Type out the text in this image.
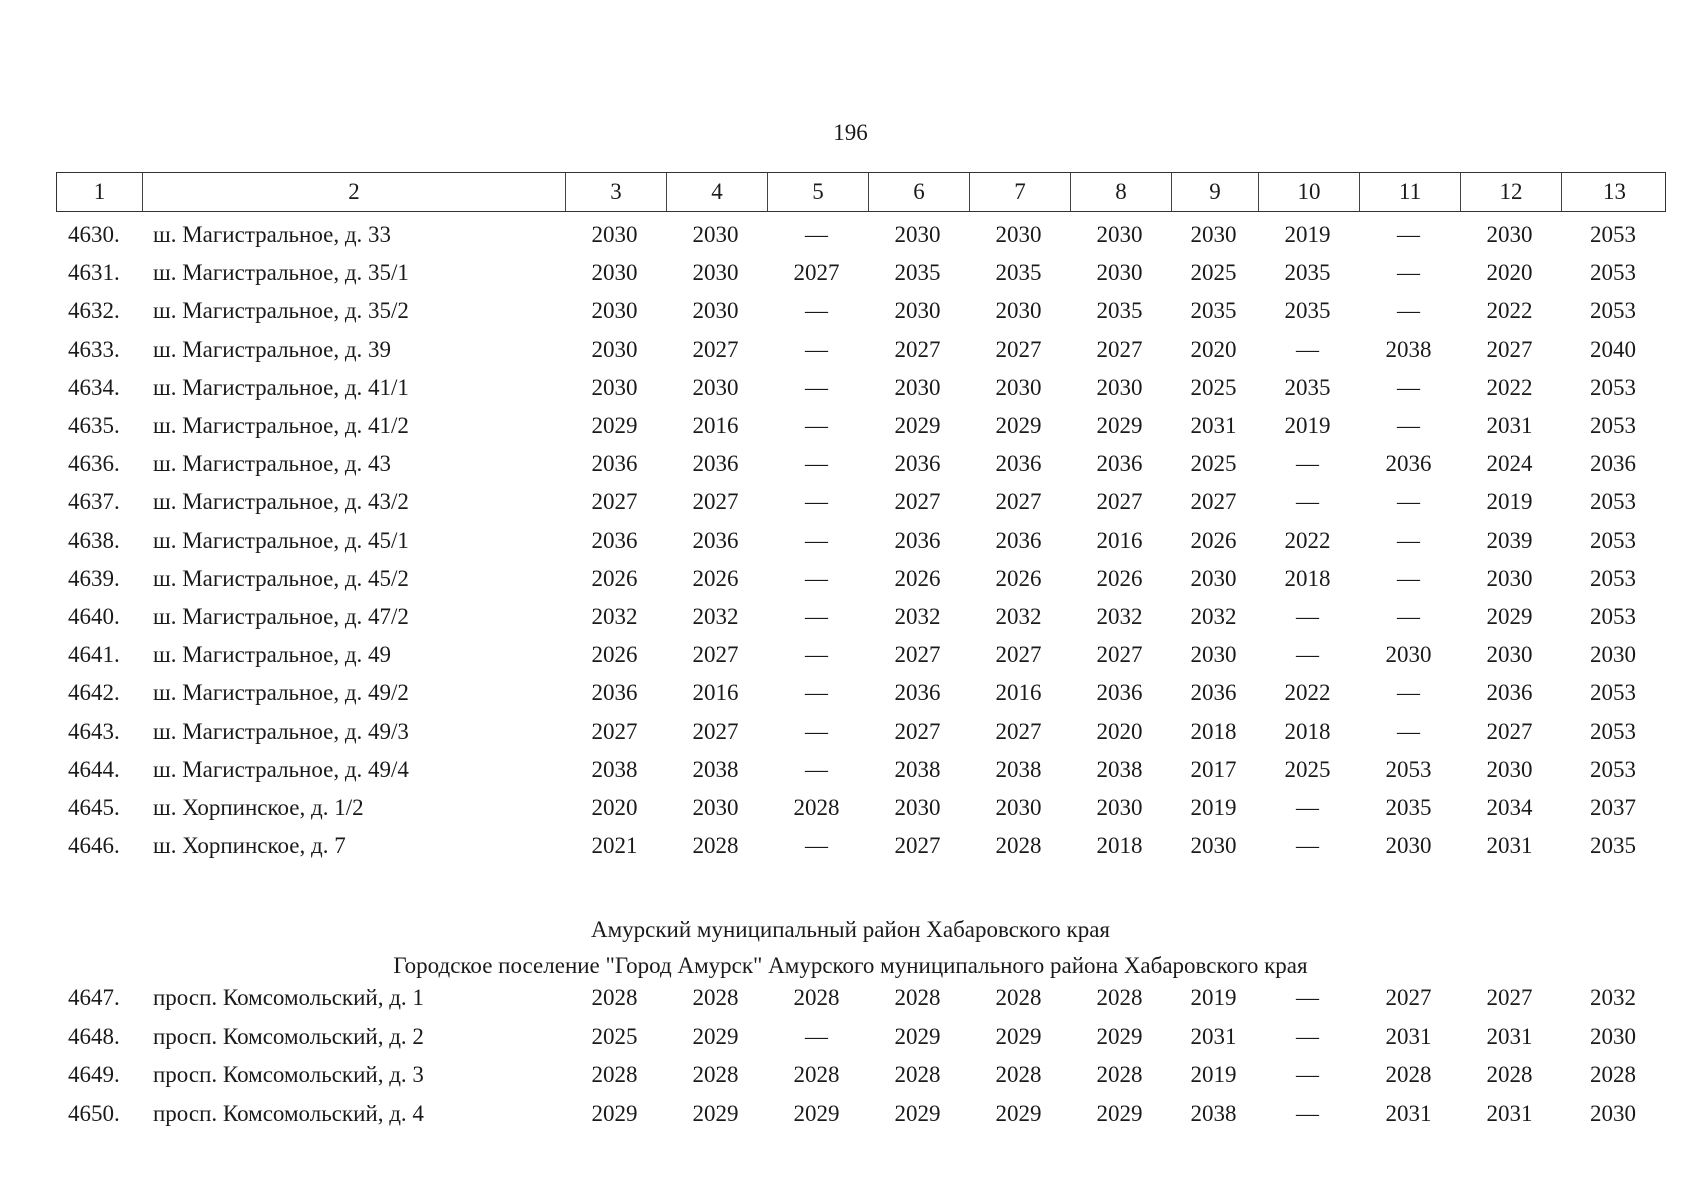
196
1	2	3	4	5	6	7	8	9	10	11	12	13
4630.	ш. Магистральное, д. 33	2030	2030	—	2030	2030	2030	2030	2019	—	2030	2053
4631.	ш. Магистральное, д. 35/1	2030	2030	2027	2035	2035	2030	2025	2035	—	2020	2053
4632.	ш. Магистральное, д. 35/2	2030	2030	—	2030	2030	2035	2035	2035	—	2022	2053
4633.	ш. Магистральное, д. 39	2030	2027	—	2027	2027	2027	2020	—	2038	2027	2040
4634.	ш. Магистральное, д. 41/1	2030	2030	—	2030	2030	2030	2025	2035	—	2022	2053
4635.	ш. Магистральное, д. 41/2	2029	2016	—	2029	2029	2029	2031	2019	—	2031	2053
4636.	ш. Магистральное, д. 43	2036	2036	—	2036	2036	2036	2025	—	2036	2024	2036
4637.	ш. Магистральное, д. 43/2	2027	2027	—	2027	2027	2027	2027	—	—	2019	2053
4638.	ш. Магистральное, д. 45/1	2036	2036	—	2036	2036	2016	2026	2022	—	2039	2053
4639.	ш. Магистральное, д. 45/2	2026	2026	—	2026	2026	2026	2030	2018	—	2030	2053
4640.	ш. Магистральное, д. 47/2	2032	2032	—	2032	2032	2032	2032	—	—	2029	2053
4641.	ш. Магистральное, д. 49	2026	2027	—	2027	2027	2027	2030	—	2030	2030	2030
4642.	ш. Магистральное, д. 49/2	2036	2016	—	2036	2016	2036	2036	2022	—	2036	2053
4643.	ш. Магистральное, д. 49/3	2027	2027	—	2027	2027	2020	2018	2018	—	2027	2053
4644.	ш. Магистральное, д. 49/4	2038	2038	—	2038	2038	2038	2017	2025	2053	2030	2053
4645.	ш. Хорпинское, д. 1/2	2020	2030	2028	2030	2030	2030	2019	—	2035	2034	2037
4646.	ш. Хорпинское, д. 7	2021	2028	—	2027	2028	2018	2030	—	2030	2031	2035
Амурский муниципальный район Хабаровского края
Городское поселение "Город Амурск" Амурского муниципального района Хабаровского края
4647.	просп. Комсомольский, д. 1	2028	2028	2028	2028	2028	2028	2019	—	2027	2027	2032
4648.	просп. Комсомольский, д. 2	2025	2029	—	2029	2029	2029	2031	—	2031	2031	2030
4649.	просп. Комсомольский, д. 3	2028	2028	2028	2028	2028	2028	2019	—	2028	2028	2028
4650.	просп. Комсомольский, д. 4	2029	2029	2029	2029	2029	2029	2038	—	2031	2031	2030
